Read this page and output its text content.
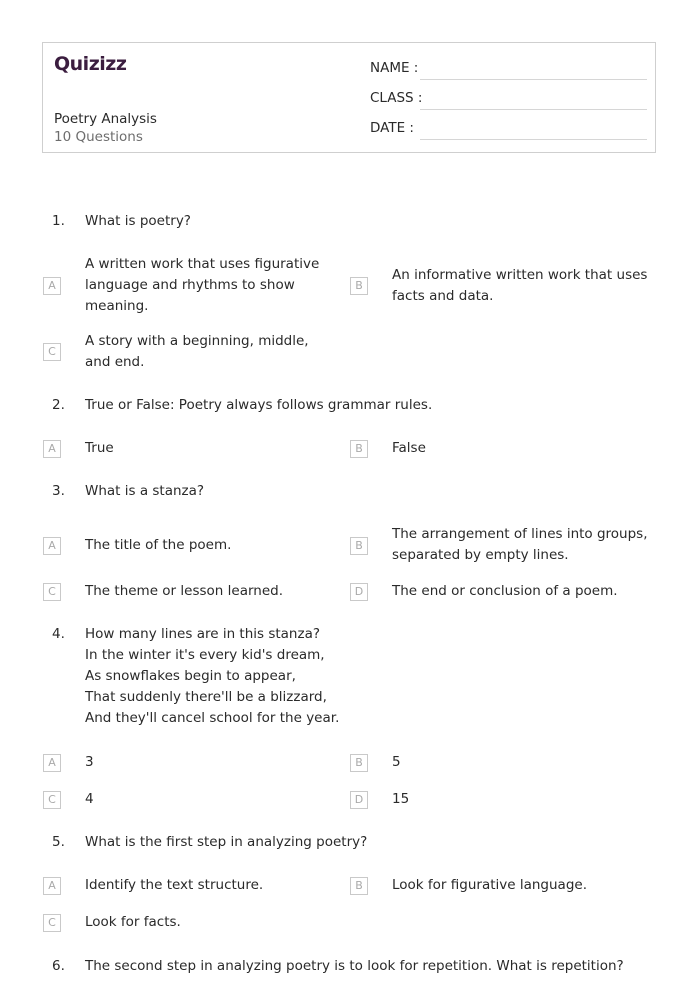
Quizizz
Poetry Analysis
10 Questions
NAME :
CLASS :
DATE :
1. What is poetry?
A
A written work that uses figurative language and rhythms to show meaning.
B
An informative written work that uses facts and data.
C
A story with a beginning, middle, and end.
2. True or False: Poetry always follows grammar rules.
A	True	B	False
3. What is a stanza?
A	The title of the poem.	B
The arrangement of lines into groups, separated by empty lines.
C	The theme or lesson learned.	D	The end or conclusion of a poem.
4. How many lines are in this stanza?
In the winter it's every kid's dream,
As snowflakes begin to appear,
That suddenly there'll be a blizzard,
And they'll cancel school for the year.
A	3	B	5
C	4	D	15
5. What is the first step in analyzing poetry?
A	Identify the text structure.	B	Look for figurative language.
C	Look for facts.
6. The second step in analyzing poetry is to look for repetition. What is repetition?
